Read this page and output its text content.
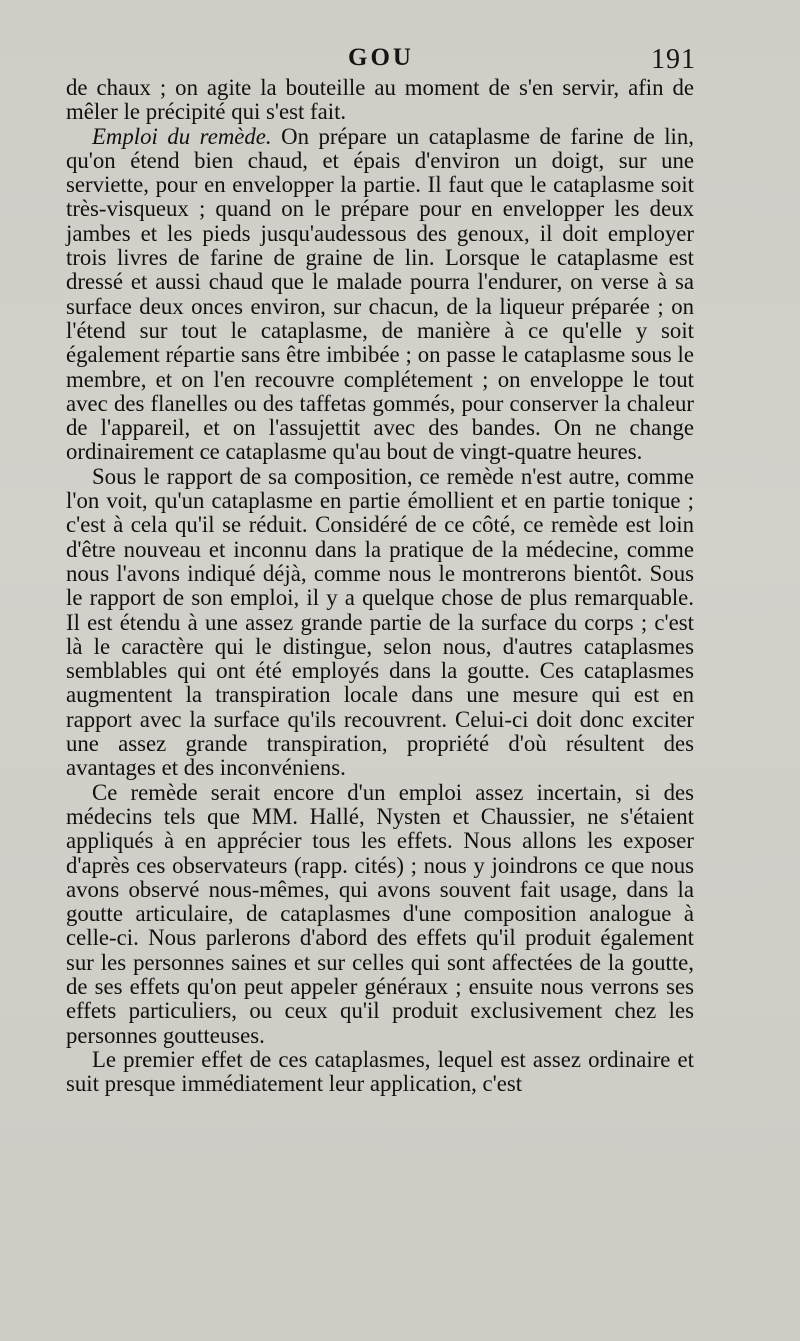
GOU	191

de chaux ; on agite la bouteille au moment de s'en servir, afin de mêler le précipité qui s'est fait.

Emploi du remède. On prépare un cataplasme de farine de lin, qu'on étend bien chaud, et épais d'environ un doigt, sur une serviette, pour en envelopper la partie. Il faut que le cataplasme soit très-visqueux ; quand on le prépare pour en envelopper les deux jambes et les pieds jusqu'audessous des genoux, il doit employer trois livres de farine de graine de lin. Lorsque le cataplasme est dressé et aussi chaud que le malade pourra l'endurer, on verse à sa surface deux onces environ, sur chacun, de la liqueur préparée ; on l'étend sur tout le cataplasme, de manière à ce qu'elle y soit également répartie sans être imbibée ; on passe le cataplasme sous le membre, et on l'en recouvre complétement ; on enveloppe le tout avec des flanelles ou des taffetas gommés, pour conserver la chaleur de l'appareil, et on l'assujettit avec des bandes. On ne change ordinairement ce cataplasme qu'au bout de vingt-quatre heures.

Sous le rapport de sa composition, ce remède n'est autre, comme l'on voit, qu'un cataplasme en partie émollient et en partie tonique ; c'est à cela qu'il se réduit. Considéré de ce côté, ce remède est loin d'être nouveau et inconnu dans la pratique de la médecine, comme nous l'avons indiqué déjà, comme nous le montrerons bientôt. Sous le rapport de son emploi, il y a quelque chose de plus remarquable. Il est étendu à une assez grande partie de la surface du corps ; c'est là le caractère qui le distingue, selon nous, d'autres cataplasmes semblables qui ont été employés dans la goutte. Ces cataplasmes augmentent la transpiration locale dans une mesure qui est en rapport avec la surface qu'ils recouvrent. Celui-ci doit donc exciter une assez grande transpiration, propriété d'où résultent des avantages et des inconvéniens.

Ce remède serait encore d'un emploi assez incertain, si des médecins tels que MM. Hallé, Nysten et Chaussier, ne s'étaient appliqués à en apprécier tous les effets. Nous allons les exposer d'après ces observateurs (rapp. cités) ; nous y joindrons ce que nous avons observé nous-mêmes, qui avons souvent fait usage, dans la goutte articulaire, de cataplasmes d'une composition analogue à celle-ci. Nous parlerons d'abord des effets qu'il produit également sur les personnes saines et sur celles qui sont affectées de la goutte, de ses effets qu'on peut appeler généraux ; ensuite nous verrons ses effets particuliers, ou ceux qu'il produit exclusivement chez les personnes goutteuses.

Le premier effet de ces cataplasmes, lequel est assez ordinaire et suit presque immédiatement leur application, c'est
